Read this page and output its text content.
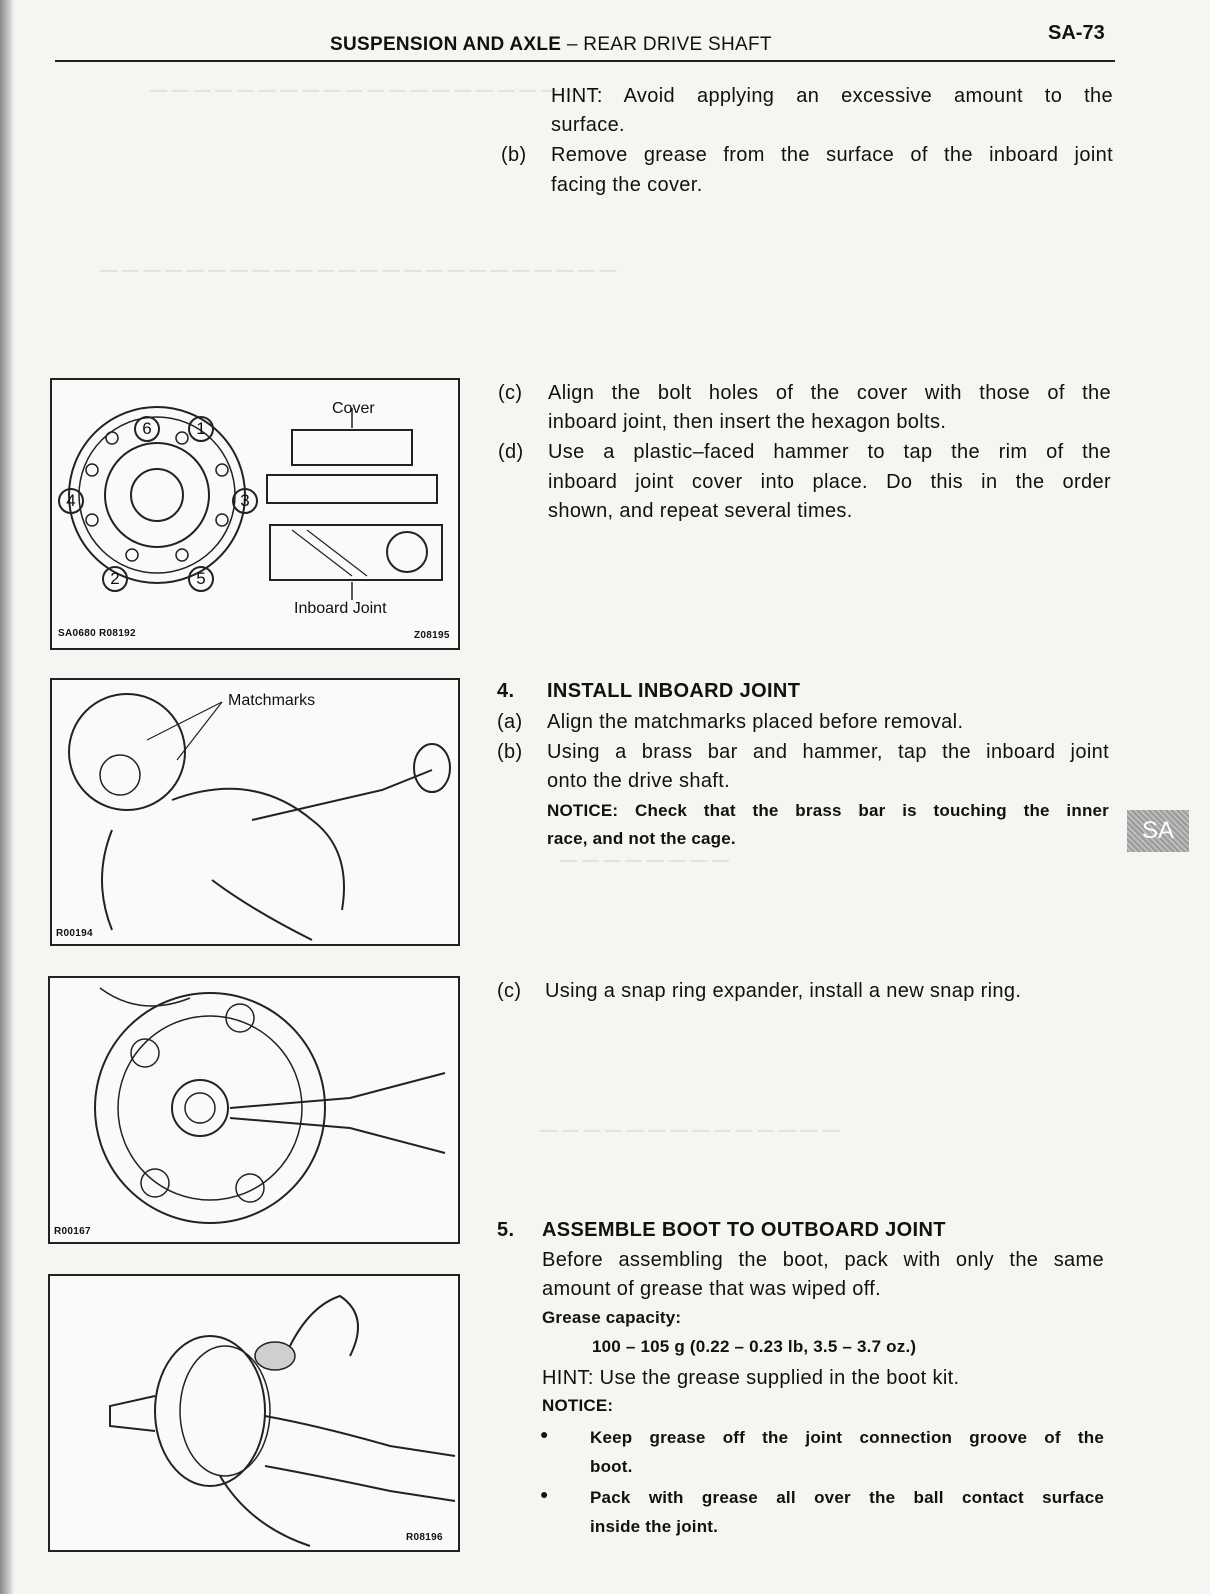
— — — — — — — — — — — — — — — — — — — —
— — — — — — — — — — — — — — — — — — — — — — — —
— — — — — — — —
— — — — — — — — — — — — — —
SUSPENSION AND AXLE – REAR DRIVE SHAFT
SA-73
HINT: Avoid applying an excessive amount to the
surface.
(b) Remove grease from the surface of the inboard joint
facing the cover.
(c) Align the bolt holes of the cover with those of the
inboard joint, then insert the hexagon bolts.
(d) Use a plastic–faced hammer to tap the rim of the
inboard joint cover into place. Do this in the order
shown, and repeat several times.
4. INSTALL INBOARD JOINT
(a) Align the matchmarks placed before removal.
(b) Using a brass bar and hammer, tap the inboard joint
onto the drive shaft.
NOTICE: Check that the brass bar is touching the inner
race, and not the cage.
(c) Using a snap ring expander, install a new snap ring.
5. ASSEMBLE BOOT TO OUTBOARD JOINT
Before assembling the boot, pack with only the same
amount of grease that was wiped off.
Grease capacity:
100 – 105 g (0.22 – 0.23 lb, 3.5 – 3.7 oz.)
HINT: Use the grease supplied in the boot kit.
NOTICE:
● Keep grease off the joint connection groove of the
boot.
● Pack with grease all over the ball contact surface
inside the joint.
SA
6	1
4	3
2	5
Cover
Inboard Joint
SA0680 R08192	Z08195
Matchmarks
R00194
R00167
R08196
